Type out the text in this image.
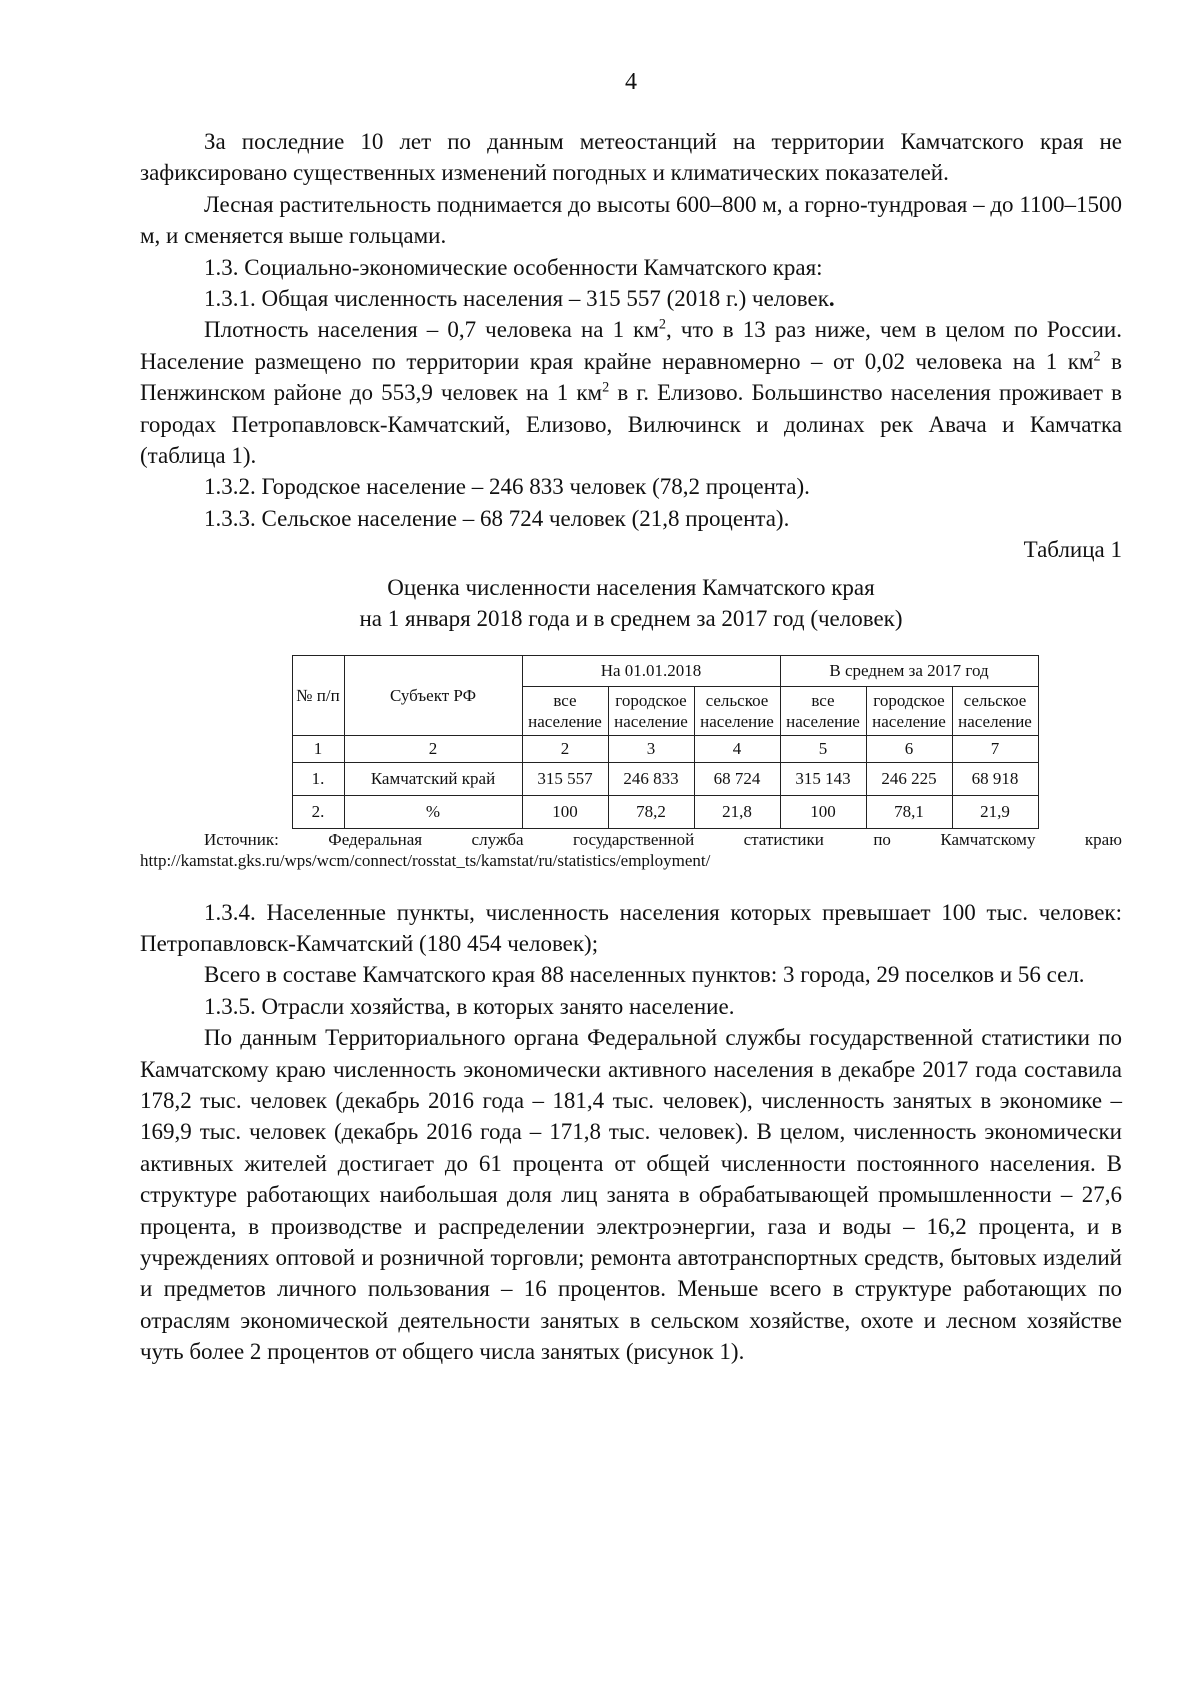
4

За последние 10 лет по данным метеостанций на территории Камчатского края не зафиксировано существенных изменений погодных и климатических показателей.

Лесная растительность поднимается до высоты 600–800 м, а горно-тундровая – до 1100–1500 м, и сменяется выше гольцами.

1.3. Социально-экономические особенности Камчатского края:

1.3.1. Общая численность населения – 315 557 (2018 г.) человек.

Плотность населения – 0,7 человека на 1 $км^2$, что в 13 раз ниже, чем в целом по России. Население размещено по территории края крайне неравномерно – от 0,02 человека на 1 $км^2$ в Пенжинском районе до 553,9 человек на 1 $км^2$ в г. Елизово. Большинство населения проживает в городах Петропавловск-Камчатский, Елизово, Вилючинск и долинах рек Авача и Камчатка (таблица 1).

1.3.2. Городское население – 246 833 человек (78,2 процента).

1.3.3. Сельское население – 68 724 человек (21,8 процента).

Таблица 1

Оценка численности населения Камчатского края
на 1 января 2018 года и в среднем за 2017 год (человек)

№ п/п	Субъект РФ	На 01.01.2018			В среднем за 2017 год		
		все население	городское население	сельское население	все население	городское население	сельское население
1	2	2	3	4	5	6	7
1.	Камчатский край	315 557	246 833	68 724	315 143	246 225	68 918
2.	%	100	78,2	21,8	100	78,1	21,9
Источник:	Федеральная	служба	государственной	статистики	по	Камчатскому	краю

http://kamstat.gks.ru/wps/wcm/connect/rosstat_ts/kamstat/ru/statistics/employment/

1.3.4. Населенные пункты, численность населения которых превышает 100 тыс. человек: Петропавловск-Камчатский (180 454 человек);

Всего в составе Камчатского края 88 населенных пунктов: 3 города, 29 поселков и 56 сел.

1.3.5. Отрасли хозяйства, в которых занято население.

По данным Территориального органа Федеральной службы государственной статистики по Камчатскому краю численность экономически активного населения в декабре 2017 года составила 178,2 тыс. человек (декабрь 2016 года – 181,4 тыс. человек), численность занятых в экономике – 169,9 тыс. человек (декабрь 2016 года – 171,8 тыс. человек). В целом, численность экономически активных жителей достигает до 61 процента от общей численности постоянного населения. В структуре работающих наибольшая доля лиц занята в обрабатывающей промышленности – 27,6 процента, в производстве и распределении электроэнергии, газа и воды – 16,2 процента, и в учреждениях оптовой и розничной торговли; ремонта автотранспортных средств, бытовых изделий и предметов личного пользования – 16 процентов. Меньше всего в структуре работающих по отраслям экономической деятельности занятых в сельском хозяйстве, охоте и лесном хозяйстве чуть более 2 процентов от общего числа занятых (рисунок 1).
